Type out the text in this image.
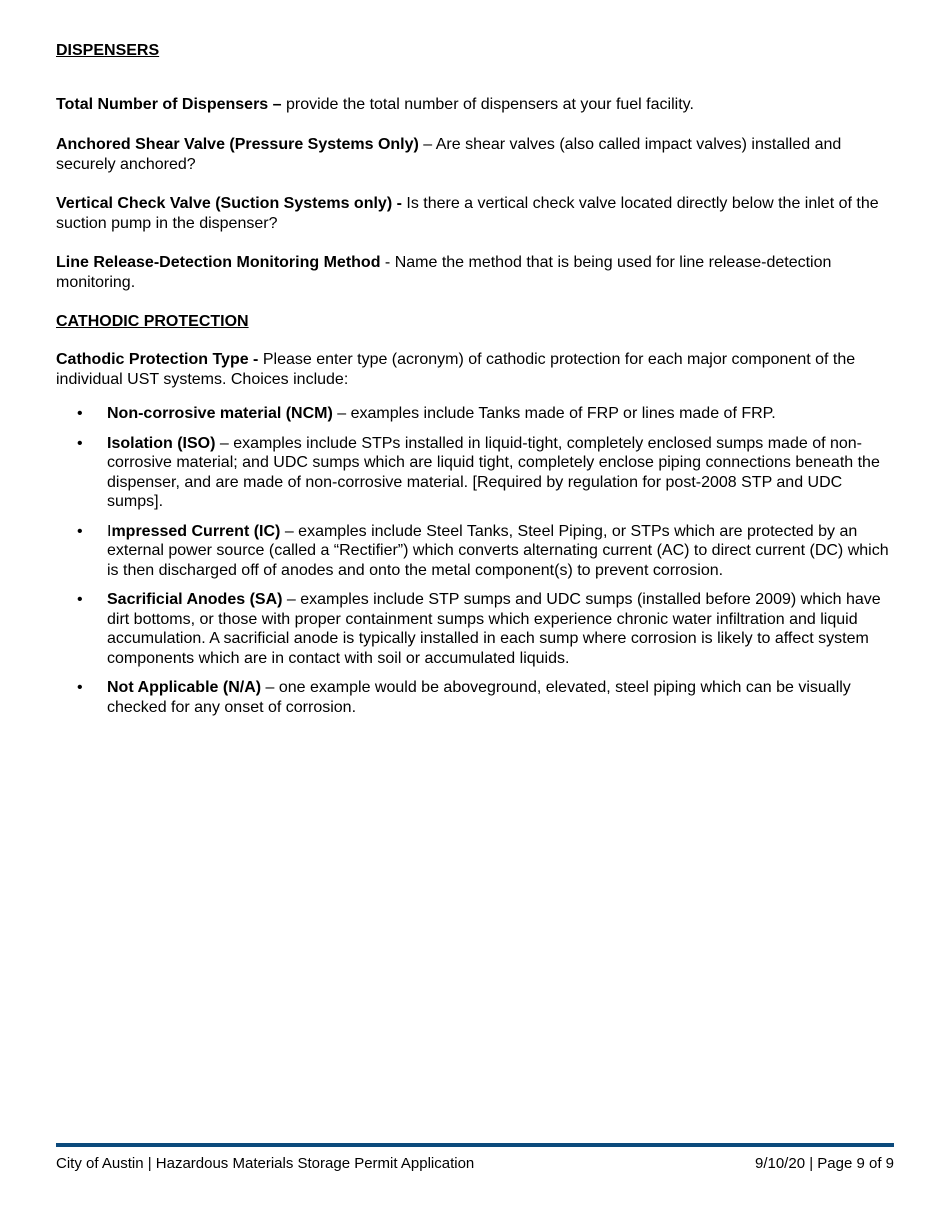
DISPENSERS
Total Number of Dispensers – provide the total number of dispensers at your fuel facility.
Anchored Shear Valve (Pressure Systems Only) – Are shear valves (also called impact valves) installed and securely anchored?
Vertical Check Valve (Suction Systems only) - Is there a vertical check valve located directly below the inlet of the suction pump in the dispenser?
Line Release-Detection Monitoring Method - Name the method that is being used for line release-detection monitoring.
CATHODIC PROTECTION
Cathodic Protection Type - Please enter type (acronym) of cathodic protection for each major component of the individual UST systems. Choices include:
• Non-corrosive material (NCM) – examples include Tanks made of FRP or lines made of FRP.
• Isolation (ISO) – examples include STPs installed in liquid-tight, completely enclosed sumps made of non-corrosive material; and UDC sumps which are liquid tight, completely enclose piping connections beneath the dispenser, and are made of non-corrosive material. [Required by regulation for post-2008 STP and UDC sumps].
• Impressed Current (IC) – examples include Steel Tanks, Steel Piping, or STPs which are protected by an external power source (called a “Rectifier”) which converts alternating current (AC) to direct current (DC) which is then discharged off of anodes and onto the metal component(s) to prevent corrosion.
• Sacrificial Anodes (SA) – examples include STP sumps and UDC sumps (installed before 2009) which have dirt bottoms, or those with proper containment sumps which experience chronic water infiltration and liquid accumulation. A sacrificial anode is typically installed in each sump where corrosion is likely to affect system components which are in contact with soil or accumulated liquids.
• Not Applicable (N/A) – one example would be aboveground, elevated, steel piping which can be visually checked for any onset of corrosion.
City of Austin | Hazardous Materials Storage Permit Application	9/10/20 | Page 9 of 9
